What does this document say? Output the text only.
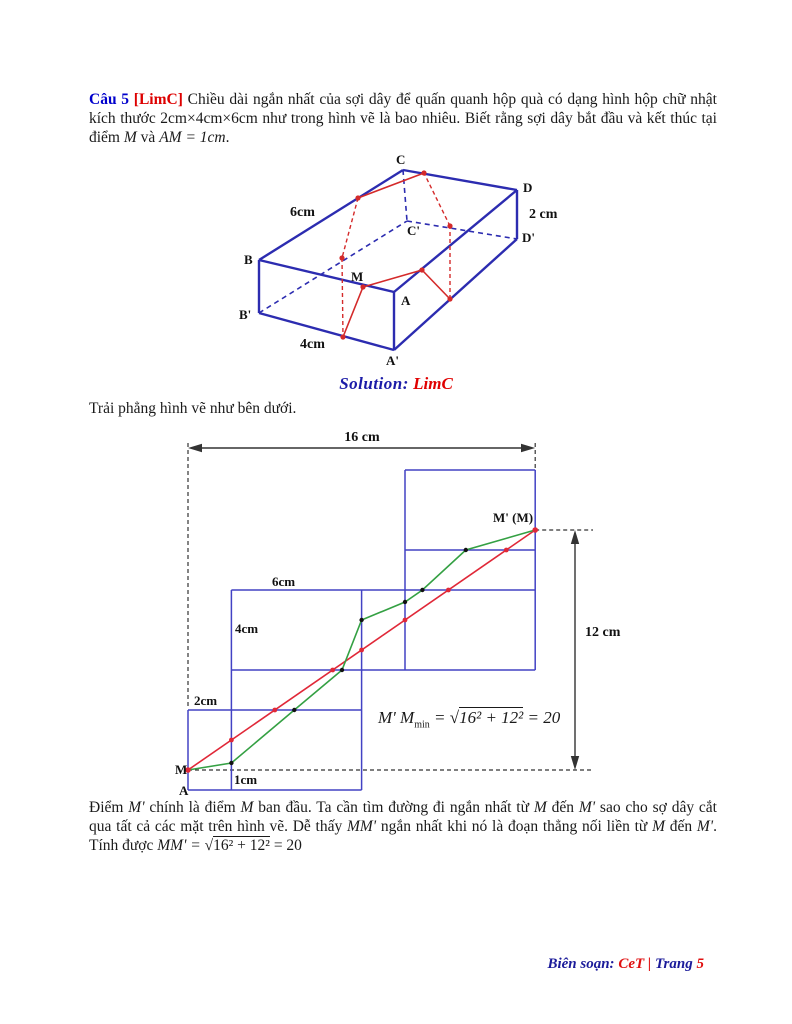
Câu 5 [LimC] Chiều dài ngắn nhất của sợi dây để quấn quanh hộp quà có dạng hình hộp chữ nhật kích thước 2cm×4cm×6cm như trong hình vẽ là bao nhiêu. Biết rằng sợi dây bắt đầu và kết thúc tại điểm M và AM = 1cm.

C
D
B
A
B'
A'
C'	D'
M
6cm	2 cm
4cm
Solution: LimC

Trải phẳng hình vẽ như bên dưới.

16 cm
12 cm
6cm
4cm
2cm
1cm
M
A
M' (M)
M' $M_{min} = √16^2 + 12^2 = 20$

Điểm M' chính là điểm M ban đầu. Ta cần tìm đường đi ngắn nhất từ M đến M' sao cho sợ dây cắt qua tất cả các mặt trên hình vẽ. Dễ thấy MM' ngắn nhất khi nó là đoạn thẳng nối liền từ M đến M'. Tính được MM' = √16² + 12² = 20

Biên soạn: CeT | Trang 5
